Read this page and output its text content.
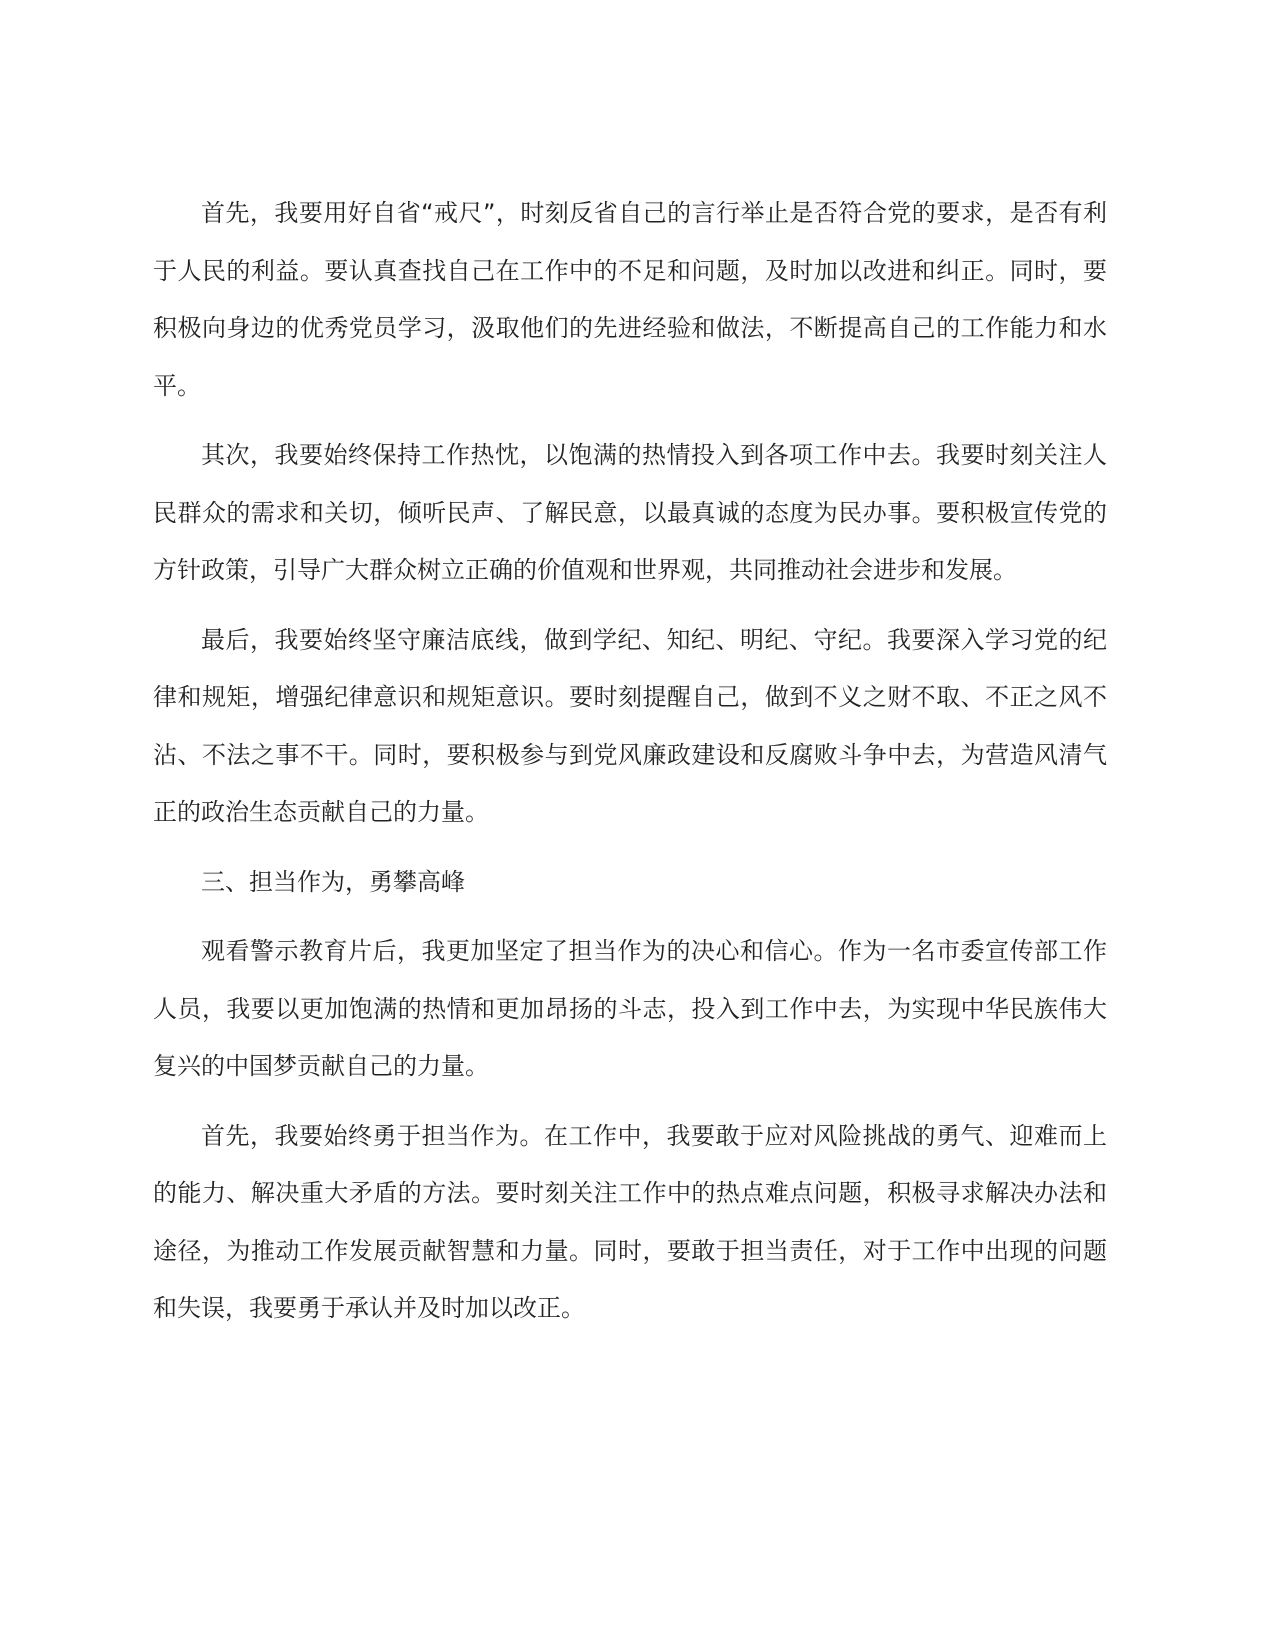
首先，我要用好自省“戒尺”，时刻反省自己的言行举止是否符合党的要求，是否有利于人民的利益。要认真查找自己在工作中的不足和问题，及时加以改进和纠正。同时，要积极向身边的优秀党员学习，汲取他们的先进经验和做法，不断提高自己的工作能力和水平。

其次，我要始终保持工作热忱，以饱满的热情投入到各项工作中去。我要时刻关注人民群众的需求和关切，倾听民声、了解民意，以最真诚的态度为民办事。要积极宣传党的方针政策，引导广大群众树立正确的价值观和世界观，共同推动社会进步和发展。

最后，我要始终坚守廉洁底线，做到学纪、知纪、明纪、守纪。我要深入学习党的纪律和规矩，增强纪律意识和规矩意识。要时刻提醒自己，做到不义之财不取、不正之风不沾、不法之事不干。同时，要积极参与到党风廉政建设和反腐败斗争中去，为营造风清气正的政治生态贡献自己的力量。

三、担当作为，勇攀高峰

观看警示教育片后，我更加坚定了担当作为的决心和信心。作为一名市委宣传部工作人员，我要以更加饱满的热情和更加昂扬的斗志，投入到工作中去，为实现中华民族伟大复兴的中国梦贡献自己的力量。

首先，我要始终勇于担当作为。在工作中，我要敢于应对风险挑战的勇气、迎难而上的能力、解决重大矛盾的方法。要时刻关注工作中的热点难点问题，积极寻求解决办法和途径，为推动工作发展贡献智慧和力量。同时，要敢于担当责任，对于工作中出现的问题和失误，我要勇于承认并及时加以改正。
